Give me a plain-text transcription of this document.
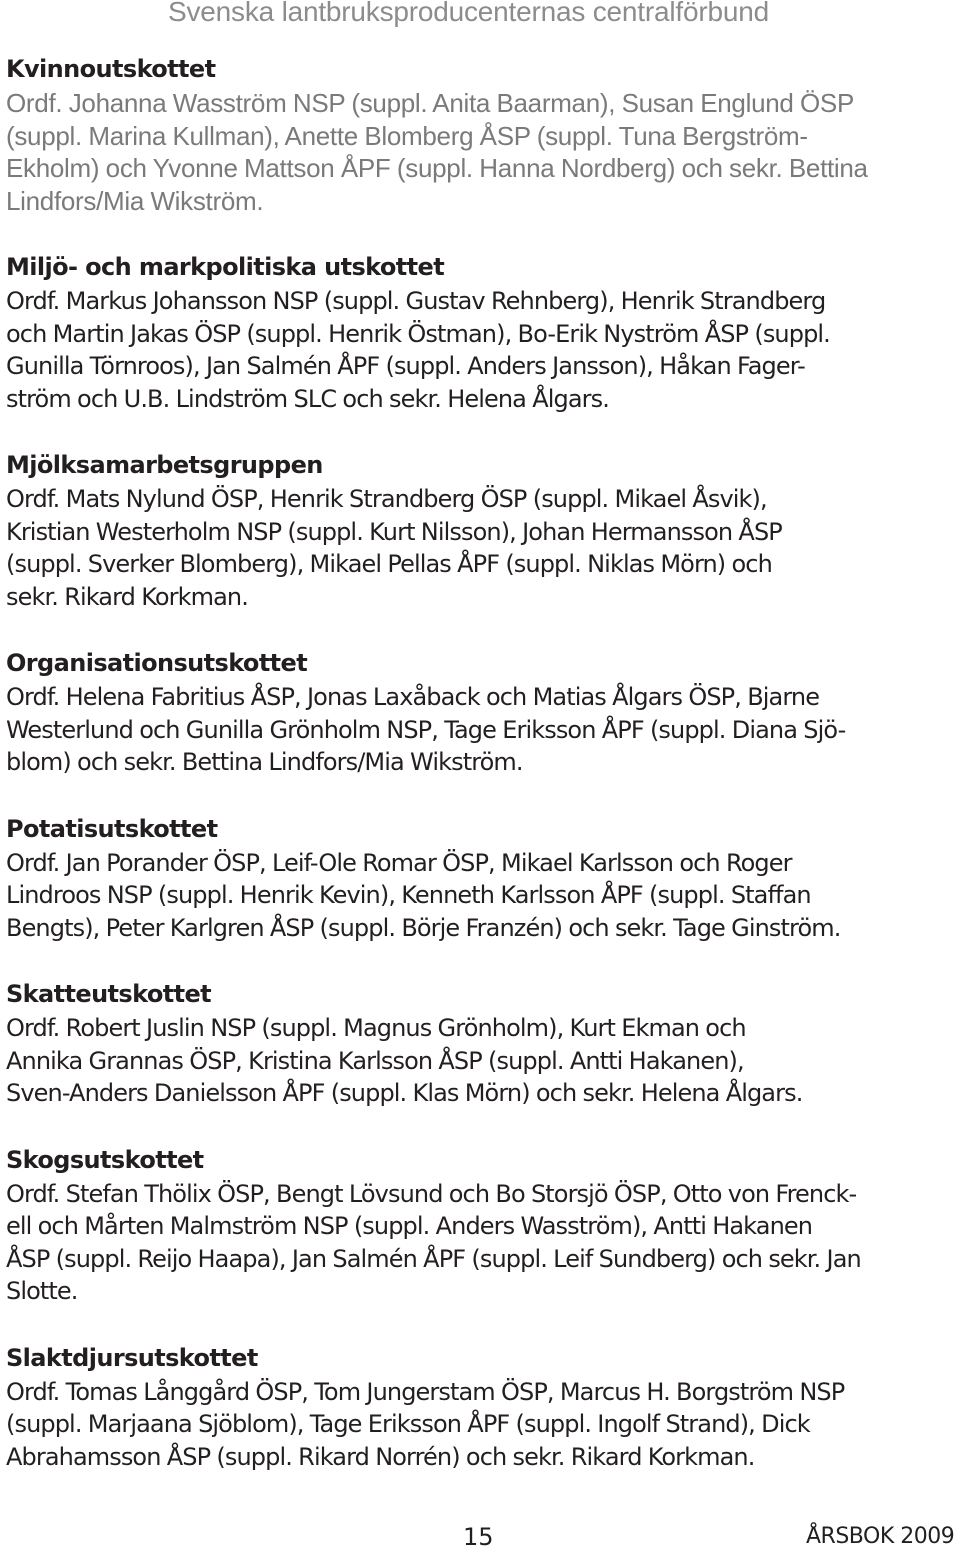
Svenska lantbruksproducenternas centralförbund
Kvinnoutskottet

Ordf. Johanna Wasström NSP (suppl. Anita Baarman), Susan Englund ÖSP
(suppl. Marina Kullman), Anette Blomberg ÅSP (suppl. Tuna Bergström-
Ekholm) och Yvonne Mattson ÅPF (suppl. Hanna Nordberg) och sekr. Bettina
Lindfors/Mia Wikström.

Miljö- och markpolitiska utskottet

Ordf. Markus Johansson NSP (suppl. Gustav Rehnberg), Henrik Strandberg
och Martin Jakas ÖSP (suppl. Henrik Östman), Bo-Erik Nyström ÅSP (suppl.
Gunilla Törnroos), Jan Salmén ÅPF (suppl. Anders Jansson), Håkan Fager-
ström och U.B. Lindström SLC och sekr. Helena Ålgars.

Mjölksamarbetsgruppen

Ordf. Mats Nylund ÖSP, Henrik Strandberg ÖSP (suppl. Mikael Åsvik),
Kristian Westerholm NSP (suppl. Kurt Nilsson), Johan Hermansson ÅSP
(suppl. Sverker Blomberg), Mikael Pellas ÅPF (suppl. Niklas Mörn) och
sekr. Rikard Korkman.

Organisationsutskottet

Ordf. Helena Fabritius ÅSP, Jonas Laxåback och Matias Ålgars ÖSP, Bjarne
Westerlund och Gunilla Grönholm NSP, Tage Eriksson ÅPF (suppl. Diana Sjö-
blom) och sekr. Bettina Lindfors/Mia Wikström.

Potatisutskottet

Ordf. Jan Porander ÖSP, Leif-Ole Romar ÖSP, Mikael Karlsson och Roger
Lindroos NSP (suppl. Henrik Kevin), Kenneth Karlsson ÅPF (suppl. Staffan
Bengts), Peter Karlgren ÅSP (suppl. Börje Franzén) och sekr. Tage Ginström.

Skatteutskottet

Ordf. Robert Juslin NSP (suppl. Magnus Grönholm), Kurt Ekman och
Annika Grannas ÖSP, Kristina Karlsson ÅSP (suppl. Antti Hakanen),
Sven-Anders Danielsson ÅPF (suppl. Klas Mörn) och sekr. Helena Ålgars.

Skogsutskottet

Ordf. Stefan Thölix ÖSP, Bengt Lövsund och Bo Storsjö ÖSP, Otto von Frenck-
ell och Mårten Malmström NSP (suppl. Anders Wasström), Antti Hakanen
ÅSP (suppl. Reijo Haapa), Jan Salmén ÅPF (suppl. Leif Sundberg) och sekr. Jan
Slotte.

Slaktdjursutskottet

Ordf. Tomas Långgård ÖSP, Tom Jungerstam ÖSP, Marcus H. Borgström NSP
(suppl. Marjaana Sjöblom), Tage Eriksson ÅPF (suppl. Ingolf Strand), Dick
Abrahamsson ÅSP (suppl. Rikard Norrén) och sekr. Rikard Korkman.

15	ÅRSBOK 2009
